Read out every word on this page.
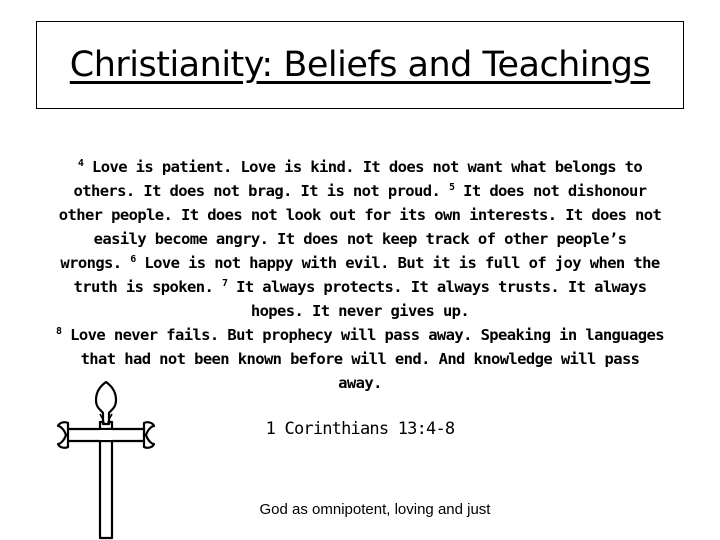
Christianity: Beliefs and Teachings

$^4$ Love is patient. Love is kind. It does not want what belongs to
others. It does not brag. It is not proud. $^5$ It does not dishonour
other people. It does not look out for its own interests. It does not
easily become angry. It does not keep track of other people’s
wrongs. $^6$ Love is not happy with evil. But it is full of joy when the
truth is spoken. $^7$ It always protects. It always trusts. It always
hopes. It never gives up.
$^8$ Love never fails. But prophecy will pass away. Speaking in languages
that had not been known before will end. And knowledge will pass
away.

1 Corinthians 13:4-8
God as omnipotent, loving and just
